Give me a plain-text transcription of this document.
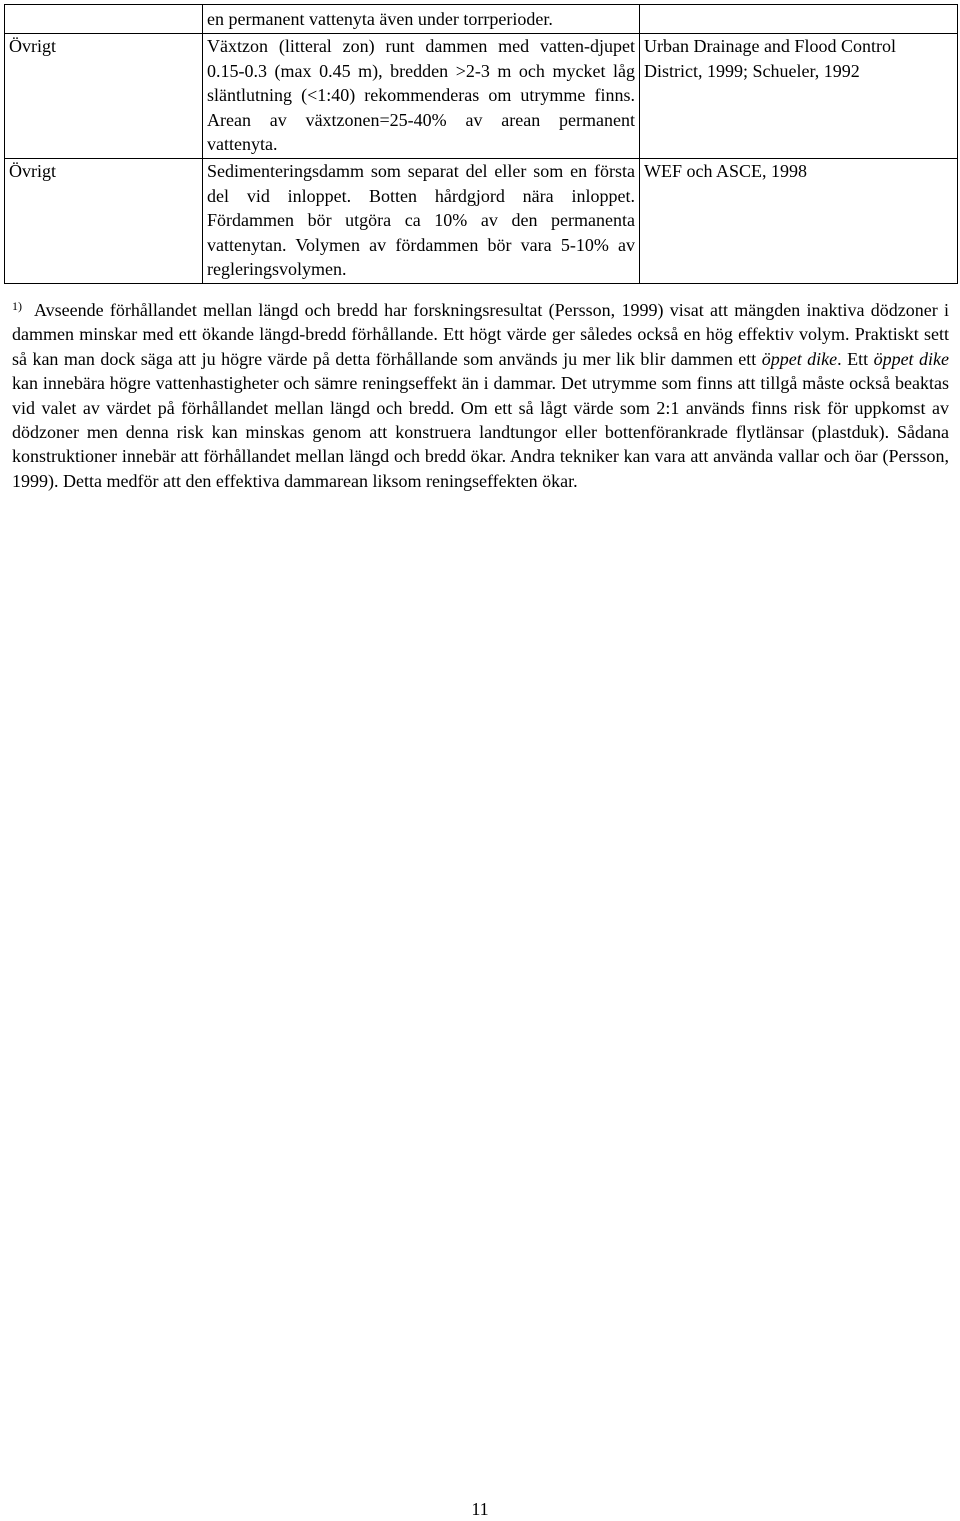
	en permanent vattenyta även under torrperioder.	
Övrigt	Växtzon (litteral zon) runt dammen med vatten-djupet 0.15-0.3 (max 0.45 m), bredden >2-3 m och mycket låg släntlutning (<1:40) rekommenderas om utrymme finns. Arean av växtzonen=25-40% av arean permanent vattenyta.	Urban Drainage and Flood Control District, 1999; Schueler, 1992
Övrigt	Sedimenteringsdamm som separat del eller som en första del vid inloppet. Botten hårdgjord nära inloppet. Fördammen bör utgöra ca 10% av den permanenta vattenytan. Volymen av fördammen bör vara 5-10% av regleringsvolymen.	WEF och ASCE, 1998
$^{1)}$ Avseende förhållandet mellan längd och bredd har forskningsresultat (Persson, 1999) visat att mängden inaktiva dödzoner i dammen minskar med ett ökande längd-bredd förhållande. Ett högt värde ger således också en hög effektiv volym. Praktiskt sett så kan man dock säga att ju högre värde på detta förhållande som används ju mer lik blir dammen ett öppet dike. Ett öppet dike kan innebära högre vattenhastigheter och sämre reningseffekt än i dammar. Det utrymme som finns att tillgå måste också beaktas vid valet av värdet på förhållandet mellan längd och bredd. Om ett så lågt värde som 2:1 används finns risk för uppkomst av dödzoner men denna risk kan minskas genom att konstruera landtungor eller bottenförankrade flytlänsar (plastduk). Sådana konstruktioner innebär att förhållandet mellan längd och bredd ökar. Andra tekniker kan vara att använda vallar och öar (Persson, 1999). Detta medför att den effektiva dammarean liksom reningseffekten ökar.
11
